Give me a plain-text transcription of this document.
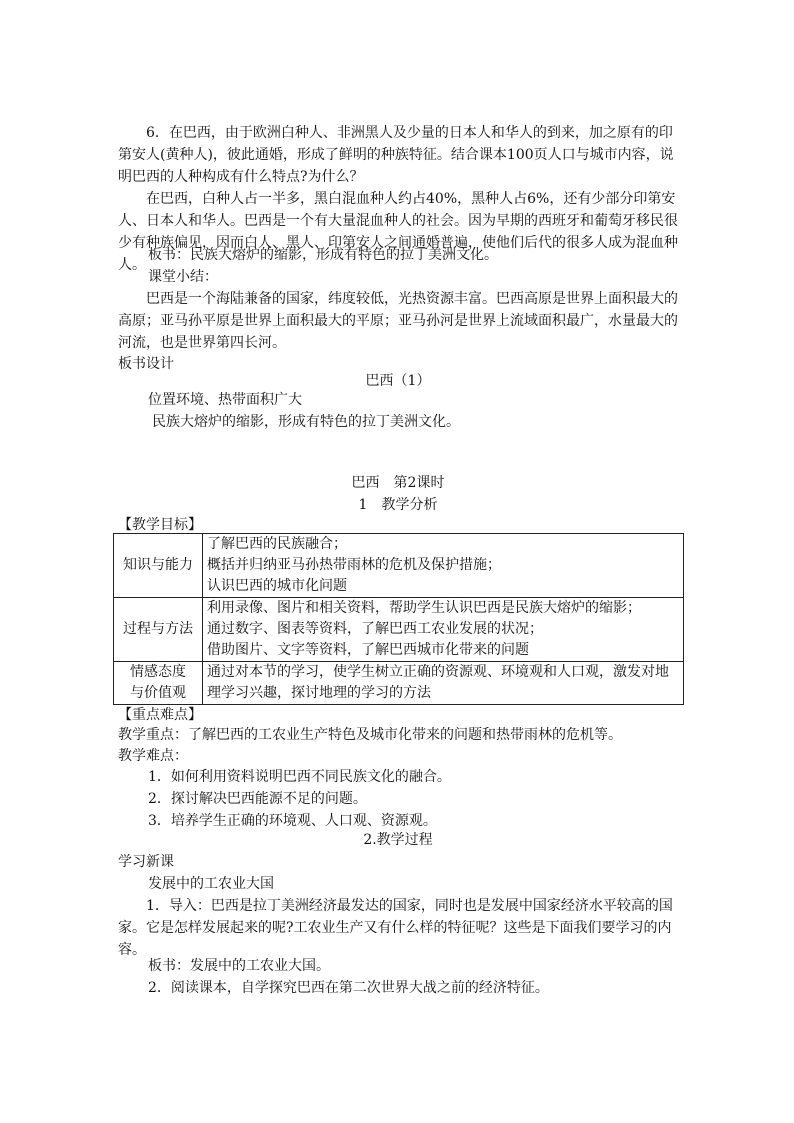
6．在巴西，由于欧洲白种人、非洲黑人及少量的日本人和华人的到来，加之原有的印第安人(黄种人)，彼此通婚，形成了鲜明的种族特征。结合课本100页人口与城市内容，说明巴西的人种构成有什么特点?为什么？

在巴西，白种人占一半多，黑白混血种人约占40%，黑种人占6%，还有少部分印第安人、日本人和华人。巴西是一个有大量混血种人的社会。因为早期的西班牙和葡萄牙移民很少有种族偏见，因而白人、黑人、印第安人之间通婚普遍，使他们后代的很多人成为混血种人。

板书：民族大熔炉的缩影，形成有特色的拉丁美洲文化。

课堂小结：

巴西是一个海陆兼备的国家，纬度较低，光热资源丰富。巴西高原是世界上面积最大的高原；亚马孙平原是世界上面积最大的平原；亚马孙河是世界上流域面积最广，水量最大的河流，也是世界第四长河。

板书设计

巴西（1）

位置环境、热带面积广大

民族大熔炉的缩影，形成有特色的拉丁美洲文化。

巴西　第2课时

1　教学分析

【教学目标】

知识与能力	了解巴西的民族融合；
概括并归纳亚马孙热带雨林的危机及保护措施；
认识巴西的城市化问题

过程与方法	利用录像、图片和相关资料，帮助学生认识巴西是民族大熔炉的缩影；
通过数字、图表等资料，了解巴西工农业发展的状况；
借助图片、文字等资料，了解巴西城市化带来的问题

情感态度
与价值观	通过对本节的学习，使学生树立正确的资源观、环境观和人口观，激发对地理学习兴趣，探讨地理的学习的方法

【重点难点】

教学重点：了解巴西的工农业生产特色及城市化带来的问题和热带雨林的危机等。

教学难点：

1．如何利用资料说明巴西不同民族文化的融合。

2．探讨解决巴西能源不足的问题。

3．培养学生正确的环境观、人口观、资源观。

2.教学过程

学习新课

发展中的工农业大国

1．导入：巴西是拉丁美洲经济最发达的国家，同时也是发展中国家经济水平较高的国家。它是怎样发展起来的呢?工农业生产又有什么样的特征呢？这些是下面我们要学习的内容。

板书：发展中的工农业大国。

2．阅读课本，自学探究巴西在第二次世界大战之前的经济特征。
